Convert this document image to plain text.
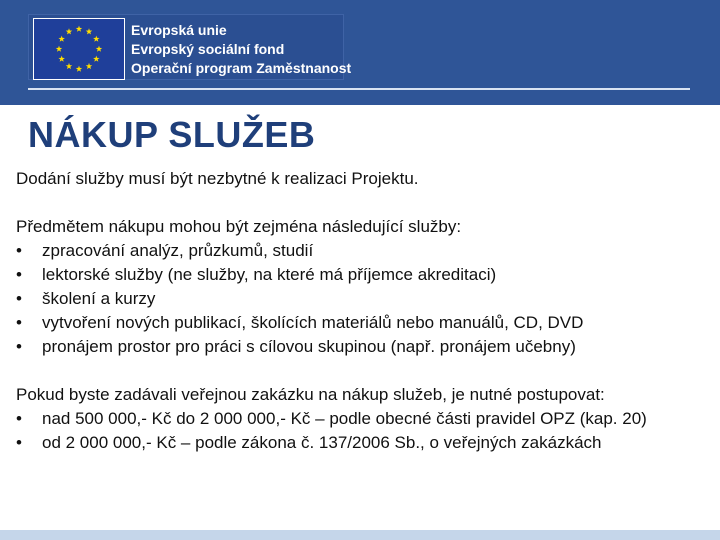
Evropská unie
Evropský sociální fond
Operační program Zaměstnanost
NÁKUP SLUŽEB

Dodání služby musí být nezbytné k realizaci Projektu.

Předmětem nákupu mohou být zejména následující služby:

• zpracování analýz, průzkumů, studií
• lektorské služby (ne služby, na které má příjemce akreditaci)
• školení a kurzy
• vytvoření nových publikací, školících materiálů nebo manuálů, CD, DVD
• pronájem prostor pro práci s cílovou skupinou (např. pronájem učebny)

Pokud byste zadávali veřejnou zakázku na nákup služeb, je nutné postupovat:

• nad 500 000,- Kč do 2 000 000,- Kč – podle obecné části pravidel OPZ (kap. 20)
• od 2 000 000,- Kč – podle zákona č. 137/2006 Sb., o veřejných zakázkách
